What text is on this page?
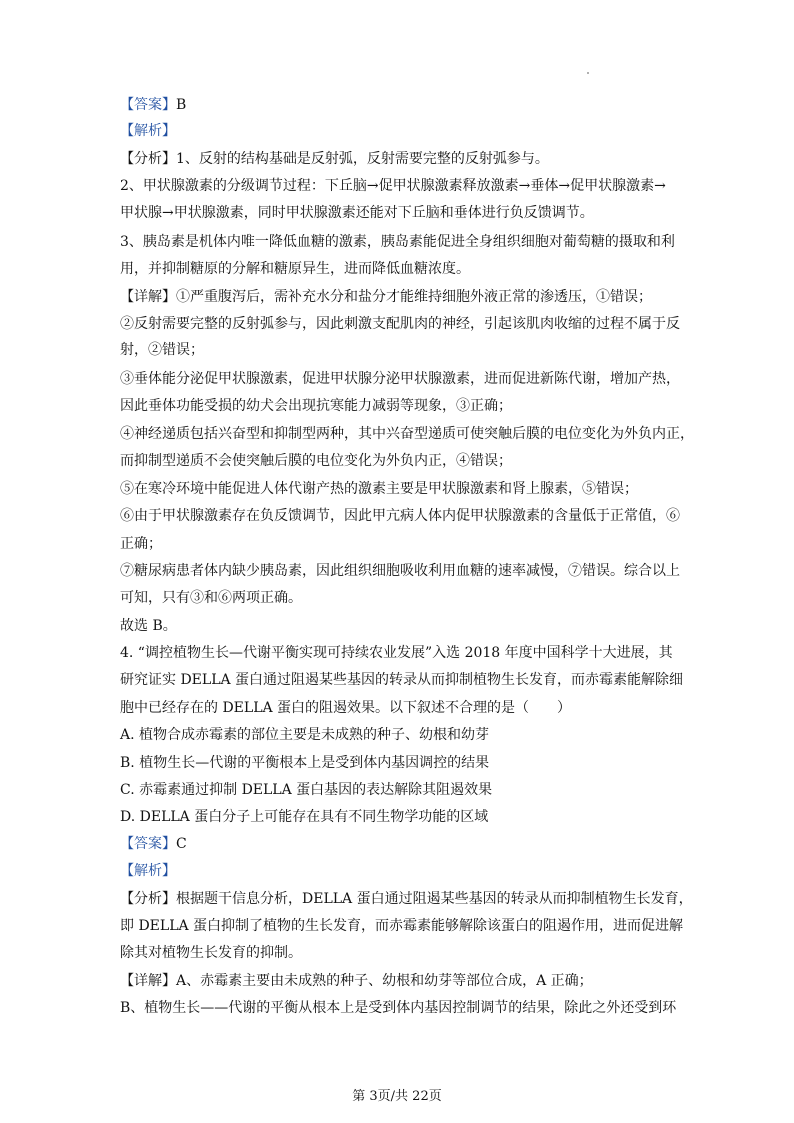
【答案】B
【解析】
【分析】1、反射的结构基础是反射弧，反射需要完整的反射弧参与。
2、甲状腺激素的分级调节过程：下丘脑→促甲状腺激素释放激素→垂体→促甲状腺激素→
甲状腺→甲状腺激素，同时甲状腺激素还能对下丘脑和垂体进行负反馈调节。
3、胰岛素是机体内唯一降低血糖的激素，胰岛素能促进全身组织细胞对葡萄糖的摄取和利
用，并抑制糖原的分解和糖原异生，进而降低血糖浓度。
【详解】①严重腹泻后，需补充水分和盐分才能维持细胞外液正常的渗透压，①错误；
②反射需要完整的反射弧参与，因此刺激支配肌肉的神经，引起该肌肉收缩的过程不属于反
射，②错误；
③垂体能分泌促甲状腺激素，促进甲状腺分泌甲状腺激素，进而促进新陈代谢，增加产热，
因此垂体功能受损的幼犬会出现抗寒能力减弱等现象，③正确；
④神经递质包括兴奋型和抑制型两种，其中兴奋型递质可使突触后膜的电位变化为外负内正，
而抑制型递质不会使突触后膜的电位变化为外负内正，④错误；
⑤在寒冷环境中能促进人体代谢产热的激素主要是甲状腺激素和肾上腺素，⑤错误；
⑥由于甲状腺激素存在负反馈调节，因此甲亢病人体内促甲状腺激素的含量低于正常值，⑥
正确；
⑦糖尿病患者体内缺少胰岛素，因此组织细胞吸收利用血糖的速率减慢，⑦错误。综合以上
可知，只有③和⑥两项正确。
故选 B。
4. “调控植物生长—代谢平衡实现可持续农业发展”入选 2018 年度中国科学十大进展，其
研究证实 DELLA 蛋白通过阻遏某些基因的转录从而抑制植物生长发育，而赤霉素能解除细
胞中已经存在的 DELLA 蛋白的阻遏效果。以下叙述不合理的是（　　）
A. 植物合成赤霉素的部位主要是未成熟的种子、幼根和幼芽
B. 植物生长—代谢的平衡根本上是受到体内基因调控的结果
C. 赤霉素通过抑制 DELLA 蛋白基因的表达解除其阻遏效果
D. DELLA 蛋白分子上可能存在具有不同生物学功能的区域
【答案】C
【解析】
【分析】根据题干信息分析，DELLA 蛋白通过阻遏某些基因的转录从而抑制植物生长发育，
即 DELLA 蛋白抑制了植物的生长发育，而赤霉素能够解除该蛋白的阻遏作用，进而促进解
除其对植物生长发育的抑制。
【详解】A、赤霉素主要由未成熟的种子、幼根和幼芽等部位合成，A 正确；
B、植物生长——代谢的平衡从根本上是受到体内基因控制调节的结果，除此之外还受到环
第 3页/共 22页
